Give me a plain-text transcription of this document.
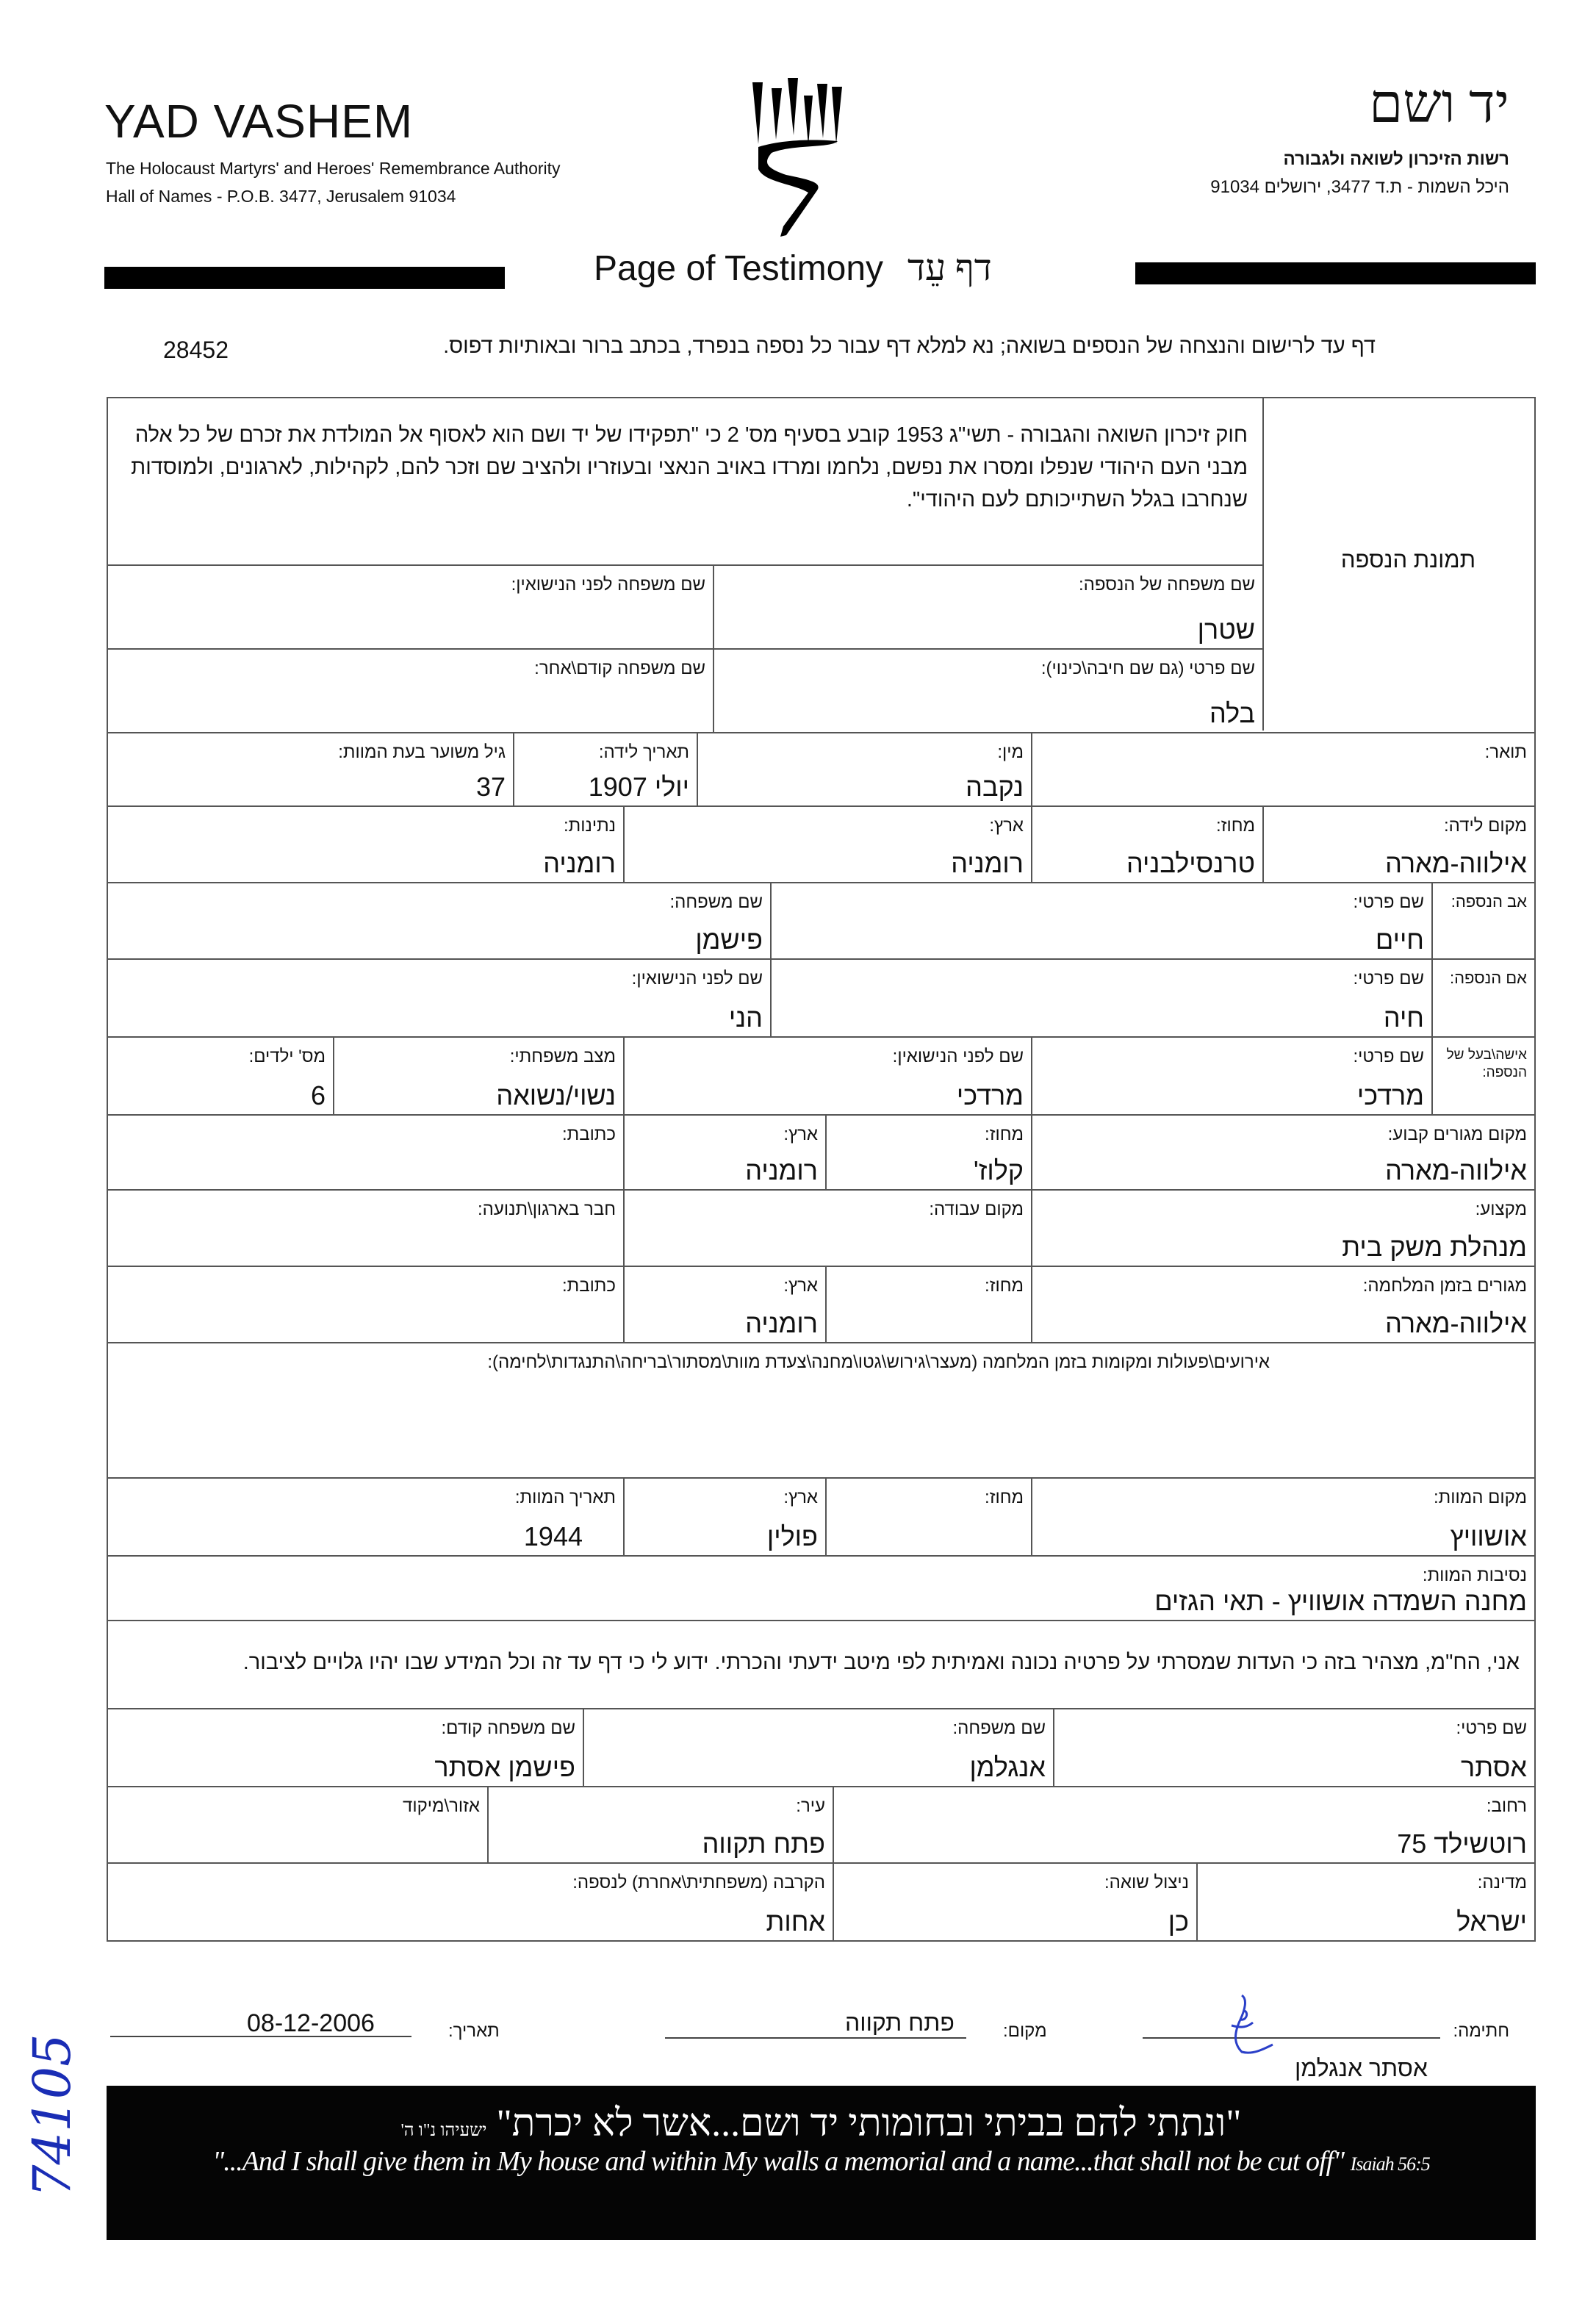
YAD VASHEM
The Holocaust Martyrs' and Heroes' Remembrance Authority
Hall of Names - P.O.B. 3477, Jerusalem 91034
יד ושם
רשות הזיכרון לשואה ולגבורה
היכל השמות - ת.ד 3477, ירושלים 91034
Page of Testimony דף עֵד
דף עד לרישום והנצחה של הנספים בשואה; נא למלא דף עבור כל נספה בנפרד, בכתב ברור ובאותיות דפוס.
28452
תמונת הנספה
חוק זיכרון השואה והגבורה - תשי"ג 1953 קובע בסעיף מס' 2 כי "תפקידו של יד ושם הוא לאסוף אל המולדת את זכרם של כל אלה מבני העם היהודי שנפלו ומסרו את נפשם, נלחמו ומרדו באויב הנאצי ובעוזריו ולהציב שם וזכר להם, לקהילות, לארגונים, ולמוסדות שנחרבו בגלל השתייכותם לעם היהודי".
שם משפחה של הנספה:
שטרן
שם משפחה לפני הנישואין:
שם פרטי (גם שם חיבה\כינוי):
בלה
שם משפחה קודם\אחר:
תואר:
מין:
נקבה
תאריך לידה:
יולי 1907
גיל משוער בעת המוות:
37
מקום לידה:
אילווה-מארה
מחוז:
טרנסילבניה
ארץ:
רומניה
נתינות:
רומניה
אב הנספה:
שם פרטי:
חיים
שם משפחה:
פישמן
אם הנספה:
שם פרטי:
חיה
שם לפני הנישואין:
הני
אישה\בעל של הנספה:
שם פרטי:
מרדכי
שם לפני הנישואין:
מרדכי
מצב משפחתי:
נשוי/נשואה
מס' ילדים:
6
מקום מגורים קבוע:
אילווה-מארה
מחוז:
קלוז'
ארץ:
רומניה
כתובת:
מקצוע:
מנהלת משק בית
מקום עבודה:
חבר בארגון\תנועה:
מגורים בזמן המלחמה:
אילווה-מארה
מחוז:
ארץ:
רומניה
כתובת:
אירועים\פעולות ומקומות בזמן המלחמה (מעצר\גירוש\גטו\מחנה\צעדת מוות\מסתור\בריחה\התנגדות\לחימה):
מקום המוות:
אושוויץ
מחוז:
ארץ:
פולין
תאריך המוות:
1944
נסיבות המוות:
מחנה השמדה אושוויץ - תאי הגזים
אני, הח"מ, מצהיר בזה כי העדות שמסרתי על פרטיה נכונה ואמיתית לפי מיטב ידעתי והכרתי. ידוע לי כי דף עד זה וכל המידע שבו יהיו גלויים לציבור.
שם פרטי:
אסתר
שם משפחה:
אנגלמן
שם משפחה קודם:
פישמן אסתר
רחוב:
רוטשילד 75
עיר:
פתח תקווה
אזור\מיקוד
מדינה:
ישראל
ניצול שואה:
כן
הקרבה (משפחתית\אחרת) לנספה:
אחות
חתימה:
אסתר אנגלמן
מקום:
פתח תקווה
תאריך:
08-12-2006
"ונתתי להם בביתי ובחומותי יד ושם...אשר לא יכרת" ישעיהו נ"ו ה'
"...And I shall give them in My house and within My walls a memorial and a name...that shall not be cut off" Isaiah 56:5
74105
